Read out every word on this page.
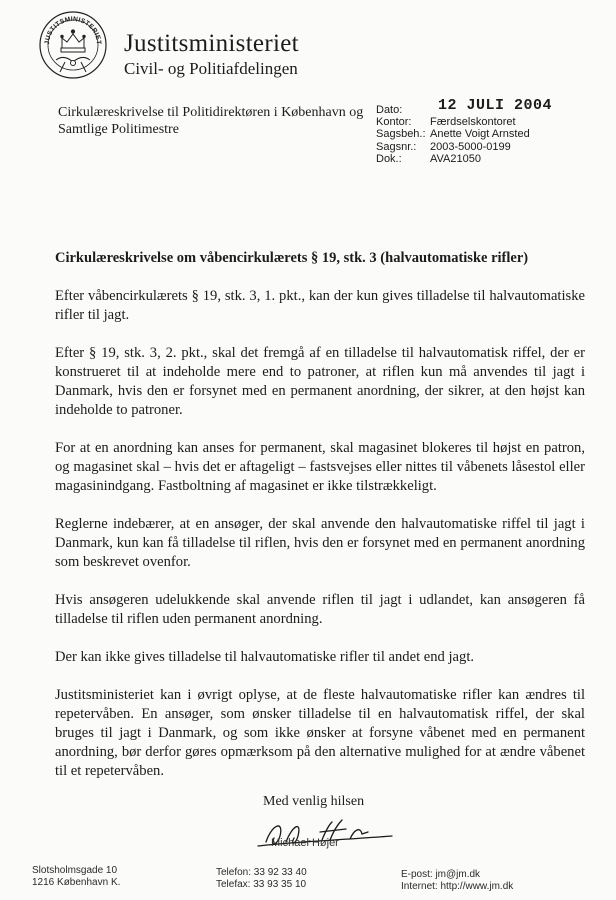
JUSTITSMINISTERIET Justitsministeriet
Civil- og Politiafdelingen
Cirkulæreskrivelse til Politidirektøren i København og
Samtlige Politimestre
Dato:	12 JULI 2004
Kontor:	Færdselskontoret
Sagsbeh.: Anette Voigt Arnsted
Sagsnr.:	2003-5000-0199
Dok.:	AVA21050
Cirkulæreskrivelse om våbencirkulærets § 19, stk. 3 (halvautomatiske rifler)

Efter våbencirkulærets § 19, stk. 3, 1. pkt., kan der kun gives tilladelse til halvautomatiske rifler til jagt.

Efter § 19, stk. 3, 2. pkt., skal det fremgå af en tilladelse til halvautomatisk riffel, der er konstrueret til at indeholde mere end to patroner, at riflen kun må anvendes til jagt i Danmark, hvis den er forsynet med en permanent anordning, der sikrer, at den højst kan indeholde to patroner.

For at en anordning kan anses for permanent, skal magasinet blokeres til højst en patron, og magasinet skal – hvis det er aftageligt – fastsvejses eller nittes til våbenets låsestol eller magasinindgang. Fastboltning af magasinet er ikke tilstrækkeligt.

Reglerne indebærer, at en ansøger, der skal anvende den halvautomatiske riffel til jagt i Danmark, kun kan få tilladelse til riflen, hvis den er forsynet med en permanent anordning som beskrevet ovenfor.

Hvis ansøgeren udelukkende skal anvende riflen til jagt i udlandet, kan ansøgeren få tilladelse til riflen uden permanent anordning.

Der kan ikke gives tilladelse til halvautomatiske rifler til andet end jagt.

Justitsministeriet kan i øvrigt oplyse, at de fleste halvautomatiske rifler kan ændres til repetervåben. En ansøger, som ønsker tilladelse til en halvautomatisk riffel, der skal bruges til jagt i Danmark, og som ikke ønsker at forsyne våbenet med en permanent anordning, bør derfor gøres opmærksom på den alternative mulighed for at ændre våbenet til et repetervåben.

Med venlig hilsen
Michael Højer
Slotsholmsgade 10
1216 København K.
Telefon: 33 92 33 40
Telefax: 33 93 35 10
E-post: jm@jm.dk
Internet: http://www.jm.dk
